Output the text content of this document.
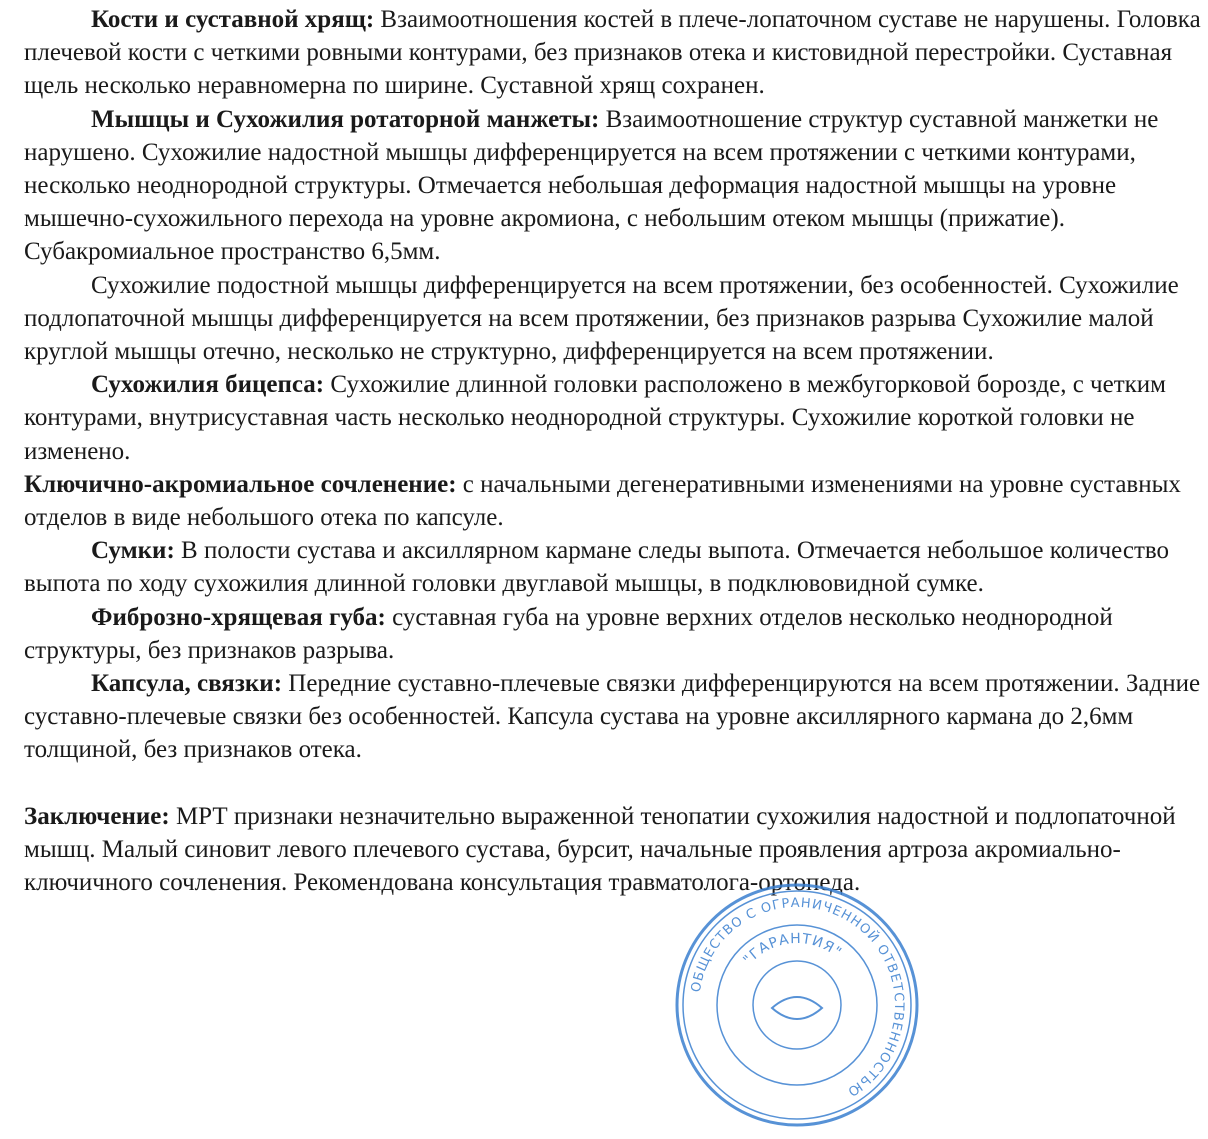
Кости и суставной хрящ: Взаимоотношения костей в плече-лопаточном суставе не нарушены. Головка плечевой кости с четкими ровными контурами, без признаков отека и кистовидной перестройки. Суставная щель несколько неравномерна по ширине. Суставной хрящ сохранен.

Мышцы и Сухожилия ротаторной манжеты: Взаимоотношение структур суставной манжетки не нарушено. Сухожилие надостной мышцы дифференцируется на всем протяжении с четкими контурами, несколько неоднородной структуры. Отмечается небольшая деформация надостной мышцы на уровне мышечно-сухожильного перехода на уровне акромиона, с небольшим отеком мышцы (прижатие). Субакромиальное пространство 6,5мм.

Сухожилие подостной мышцы дифференцируется на всем протяжении, без особенностей. Сухожилие подлопаточной мышцы дифференцируется на всем протяжении, без признаков разрыва Сухожилие малой круглой мышцы отечно, несколько не структурно, дифференцируется на всем протяжении.

Сухожилия бицепса: Сухожилие длинной головки расположено в межбугорковой борозде, с четким контурами, внутрисуставная часть несколько неоднородной структуры. Сухожилие короткой головки не изменено.

Ключично-акромиальное сочленение: с начальными дегенеративными изменениями на уровне суставных отделов в виде небольшого отека по капсуле.

Сумки: В полости сустава и аксиллярном кармане следы выпота. Отмечается небольшое количество выпота по ходу сухожилия длинной головки двуглавой мышцы, в подклювовидной сумке.

Фиброзно-хрящевая губа: суставная губа на уровне верхних отделов несколько неоднородной структуры, без признаков разрыва.

Капсула, связки: Передние суставно-плечевые связки дифференцируются на всем протяжении. Задние суставно-плечевые связки без особенностей. Капсула сустава на уровне аксиллярного кармана до 2,6мм толщиной, без признаков отека.

Заключение: МРТ признаки незначительно выраженной тенопатии сухожилия надостной и подлопаточной мышц. Малый синовит левого плечевого сустава, бурсит, начальные проявления артроза акромиально-ключичного сочленения. Рекомендована консультация травматолога-ортопеда.

ОБЩЕСТВО С ОГРАНИЧЕННОЙ ОТВЕТСТВЕННОСТЬЮ
"ГАРАНТИЯ"
